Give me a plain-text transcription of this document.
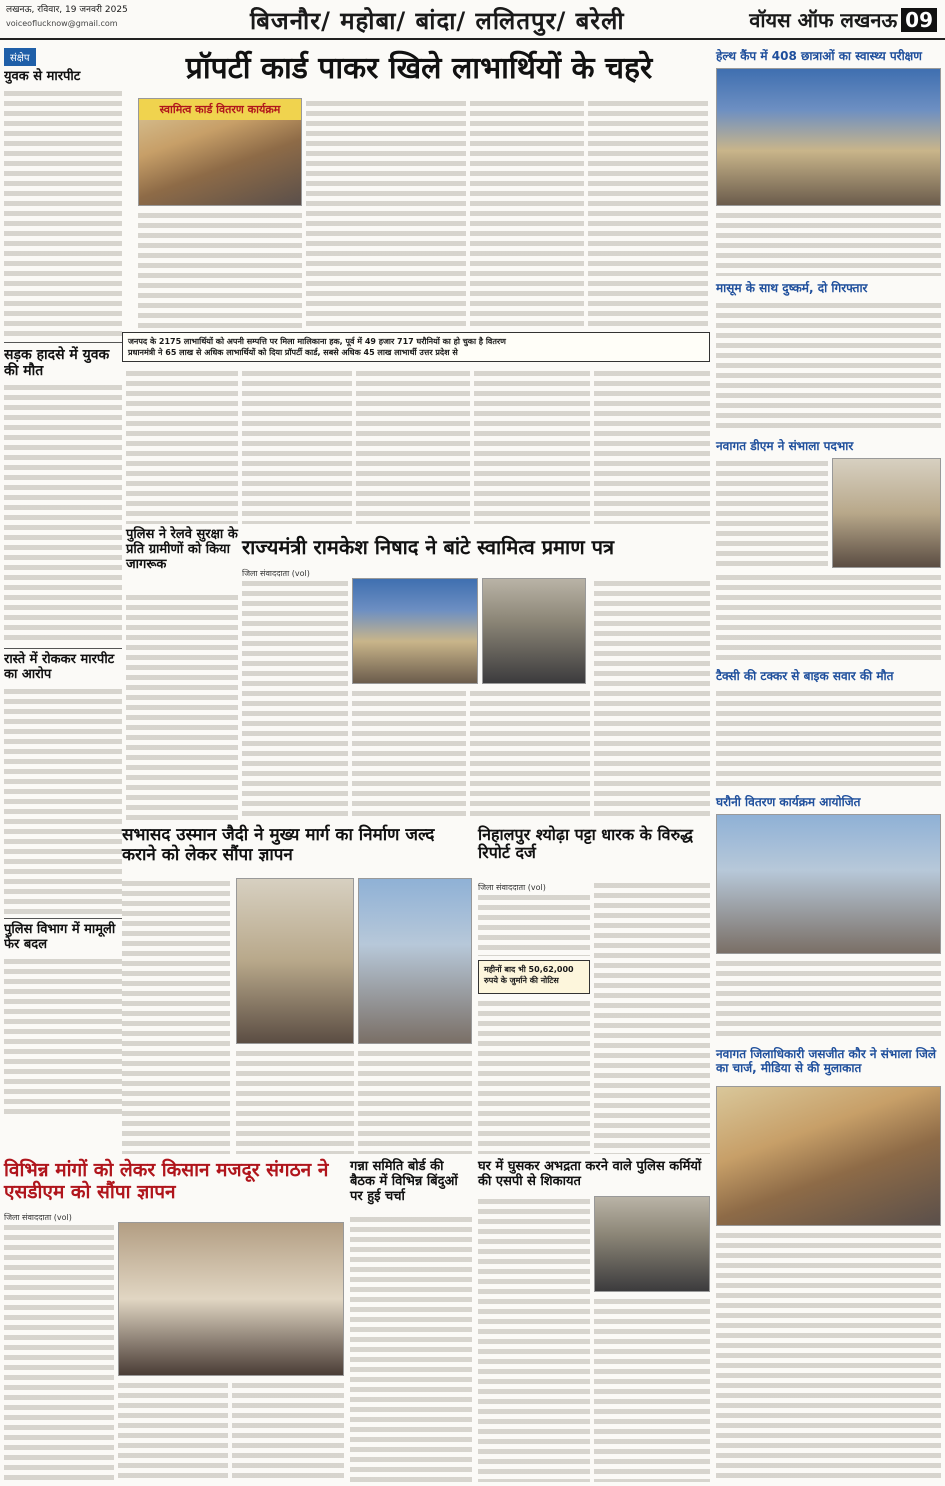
लखनऊ, रविवार, 19 जनवरी 2025
voiceoflucknow@gmail.com	बिजनौर/ महोबा/ बांदा/ ललितपुर/ बरेली	वॉयस ऑफ लखनऊ 09
संक्षेप
युवक से मारपीट
सड़क हादसे में युवक की मौत
रास्ते में रोककर मारपीट का आरोप
पुलिस विभाग में मामूली फेर बदल
प्रॉपर्टी कार्ड पाकर खिले लाभार्थियों के चहरे
स्वामित्व कार्ड वितरण कार्यक्रम
जनपद के 2175 लाभार्थियों को अपनी सम्पत्ति पर मिला मालिकाना हक, पूर्व में 49 हजार 717 घरौनियों का हो चुका है वितरण
प्रधानमंत्री ने 65 लाख से अधिक लाभार्थियों को दिया प्रॉपर्टी कार्ड, सबसे अधिक 45 लाख लाभार्थी उत्तर प्रदेश से
पुलिस ने रेलवे सुरक्षा के प्रति ग्रामीणों को किया जागरूक
राज्यमंत्री रामकेश निषाद ने बांटे स्वामित्व प्रमाण पत्र
जिला संवाददाता (vol)
सभासद उस्मान जैदी ने मुख्य मार्ग का निर्माण जल्द कराने को लेकर सौंपा ज्ञापन
निहालपुर श्योढ़ा पट्टा धारक के विरुद्ध रिपोर्ट दर्ज
जिला संवाददाता (vol)
महीनों बाद भी 50,62,000 रुपये के जुर्माने की नोटिस
विभिन्न मांगों को लेकर किसान मजदूर संगठन ने एसडीएम को सौंपा ज्ञापन
जिला संवाददाता (vol)
गन्ना समिति बोर्ड की बैठक में विभिन्न बिंदुओं पर हुई चर्चा
घर में घुसकर अभद्रता करने वाले पुलिस कर्मियों की एसपी से शिकायत
हेल्थ कैंप में 408 छात्राओं का स्वास्थ्य परीक्षण
मासूम के साथ दुष्कर्म, दो गिरफ्तार
नवागत डीएम ने संभाला पदभार
टैक्सी की टक्कर से बाइक सवार की मौत
घरौनी वितरण कार्यक्रम आयोजित
नवागत जिलाधिकारी जसजीत कौर ने संभाला जिले का चार्ज, मीडिया से की मुलाकात
